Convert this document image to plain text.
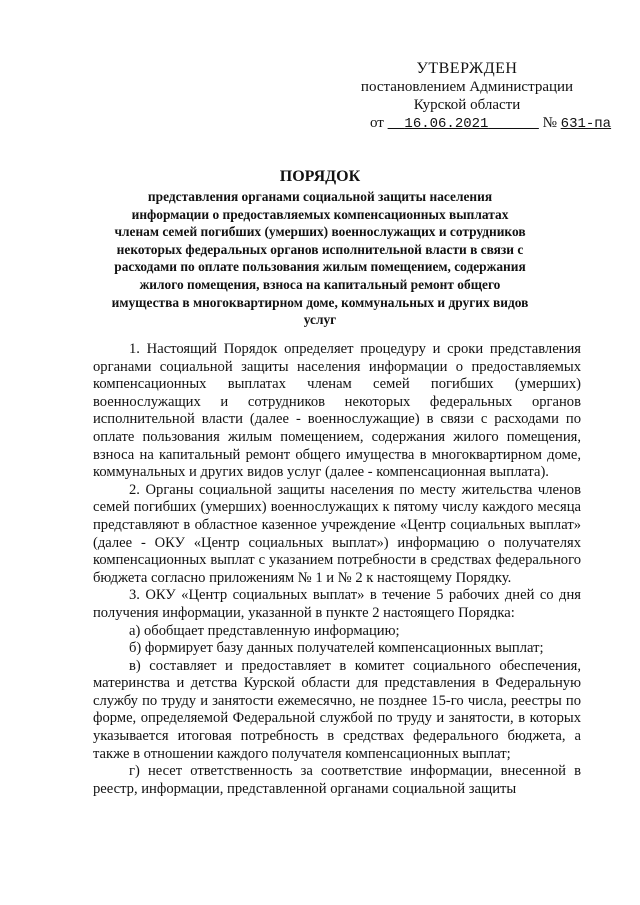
УТВЕРЖДЕН
постановлением Администрации
Курской области
от 16.06.2021	№ 631-па
ПОРЯДОК
представления органами социальной защиты населения информации о предоставляемых компенсационных выплатах членам семей погибших (умерших) военнослужащих и сотрудников некоторых федеральных органов исполнительной власти в связи с расходами по оплате пользования жилым помещением, содержания жилого помещения, взноса на капитальный ремонт общего имущества в многоквартирном доме, коммунальных и других видов услуг

1. Настоящий Порядок определяет процедуру и сроки представления органами социальной защиты населения информации о предоставляемых компенсационных выплатах членам семей погибших (умерших) военнослужащих и сотрудников некоторых федеральных органов исполнительной власти (далее - военнослужащие) в связи с расходами по оплате пользования жилым помещением, содержания жилого помещения, взноса на капитальный ремонт общего имущества в многоквартирном доме, коммунальных и других видов услуг (далее - компенсационная выплата).

2. Органы социальной защиты населения по месту жительства членов семей погибших (умерших) военнослужащих к пятому числу каждого месяца представляют в областное казенное учреждение «Центр социальных выплат» (далее - ОКУ «Центр социальных выплат») информацию о получателях компенсационных выплат с указанием потребности в средствах федерального бюджета согласно приложениям № 1 и № 2 к настоящему Порядку.

3. ОКУ «Центр социальных выплат» в течение 5 рабочих дней со дня получения информации, указанной в пункте 2 настоящего Порядка:

а) обобщает представленную информацию;

б) формирует базу данных получателей компенсационных выплат;

в) составляет и предоставляет в комитет социального обеспечения, материнства и детства Курской области для представления в Федеральную службу по труду и занятости ежемесячно, не позднее 15-го числа, реестры по форме, определяемой Федеральной службой по труду и занятости, в которых указывается итоговая потребность в средствах федерального бюджета, а также в отношении каждого получателя компенсационных выплат;

г) несет ответственность за соответствие информации, внесенной в реестр, информации, представленной органами социальной защиты
